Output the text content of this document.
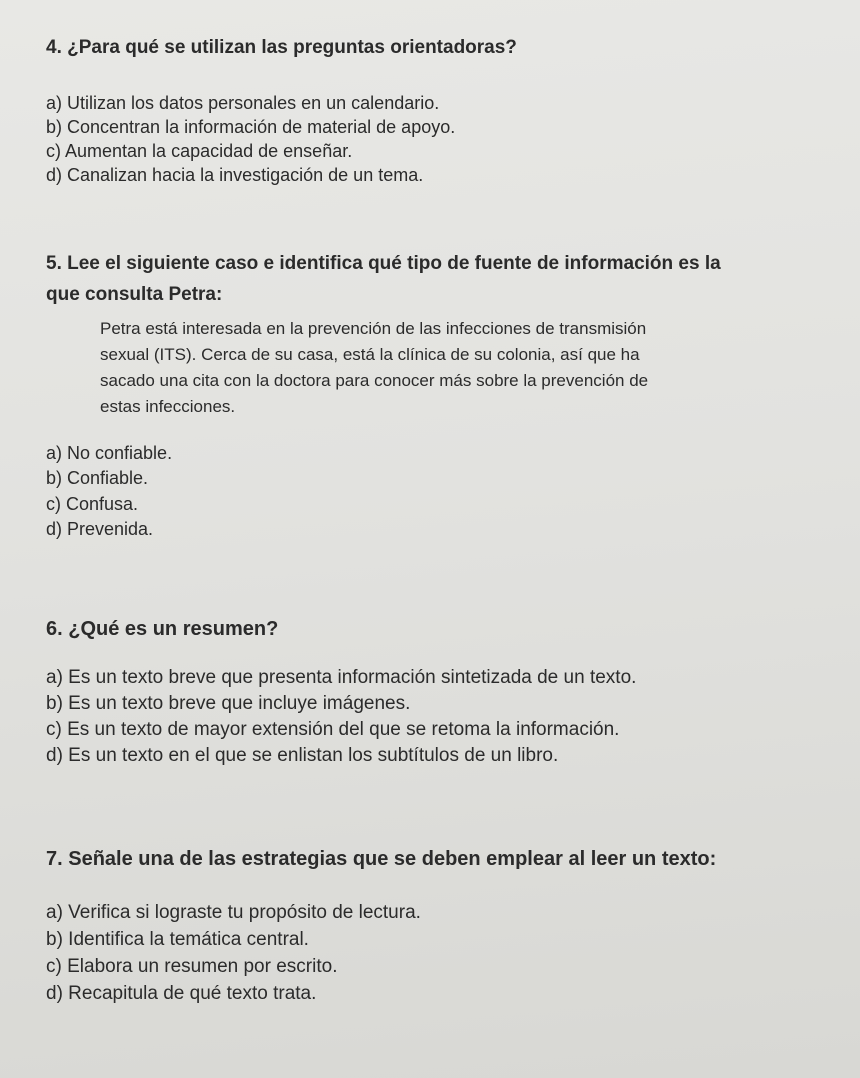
4. ¿Para qué se utilizan las preguntas orientadoras?
a) Utilizan los datos personales en un calendario.
b) Concentran la información de material de apoyo.
c) Aumentan la capacidad de enseñar.
d) Canalizan hacia la investigación de un tema.
5. Lee el siguiente caso e identifica qué tipo de fuente de información es la
que consulta Petra:
Petra está interesada en la prevención de las infecciones de transmisión
sexual (ITS). Cerca de su casa, está la clínica de su colonia, así que ha
sacado una cita con la doctora para conocer más sobre la prevención de
estas infecciones.
a) No confiable.
b) Confiable.
c) Confusa.
d) Prevenida.
6. ¿Qué es un resumen?
a) Es un texto breve que presenta información sintetizada de un texto.
b) Es un texto breve que incluye imágenes.
c) Es un texto de mayor extensión del que se retoma la información.
d) Es un texto en el que se enlistan los subtítulos de un libro.
7. Señale una de las estrategias que se deben emplear al leer un texto:
a) Verifica si lograste tu propósito de lectura.
b) Identifica la temática central.
c) Elabora un resumen por escrito.
d) Recapitula de qué texto trata.
